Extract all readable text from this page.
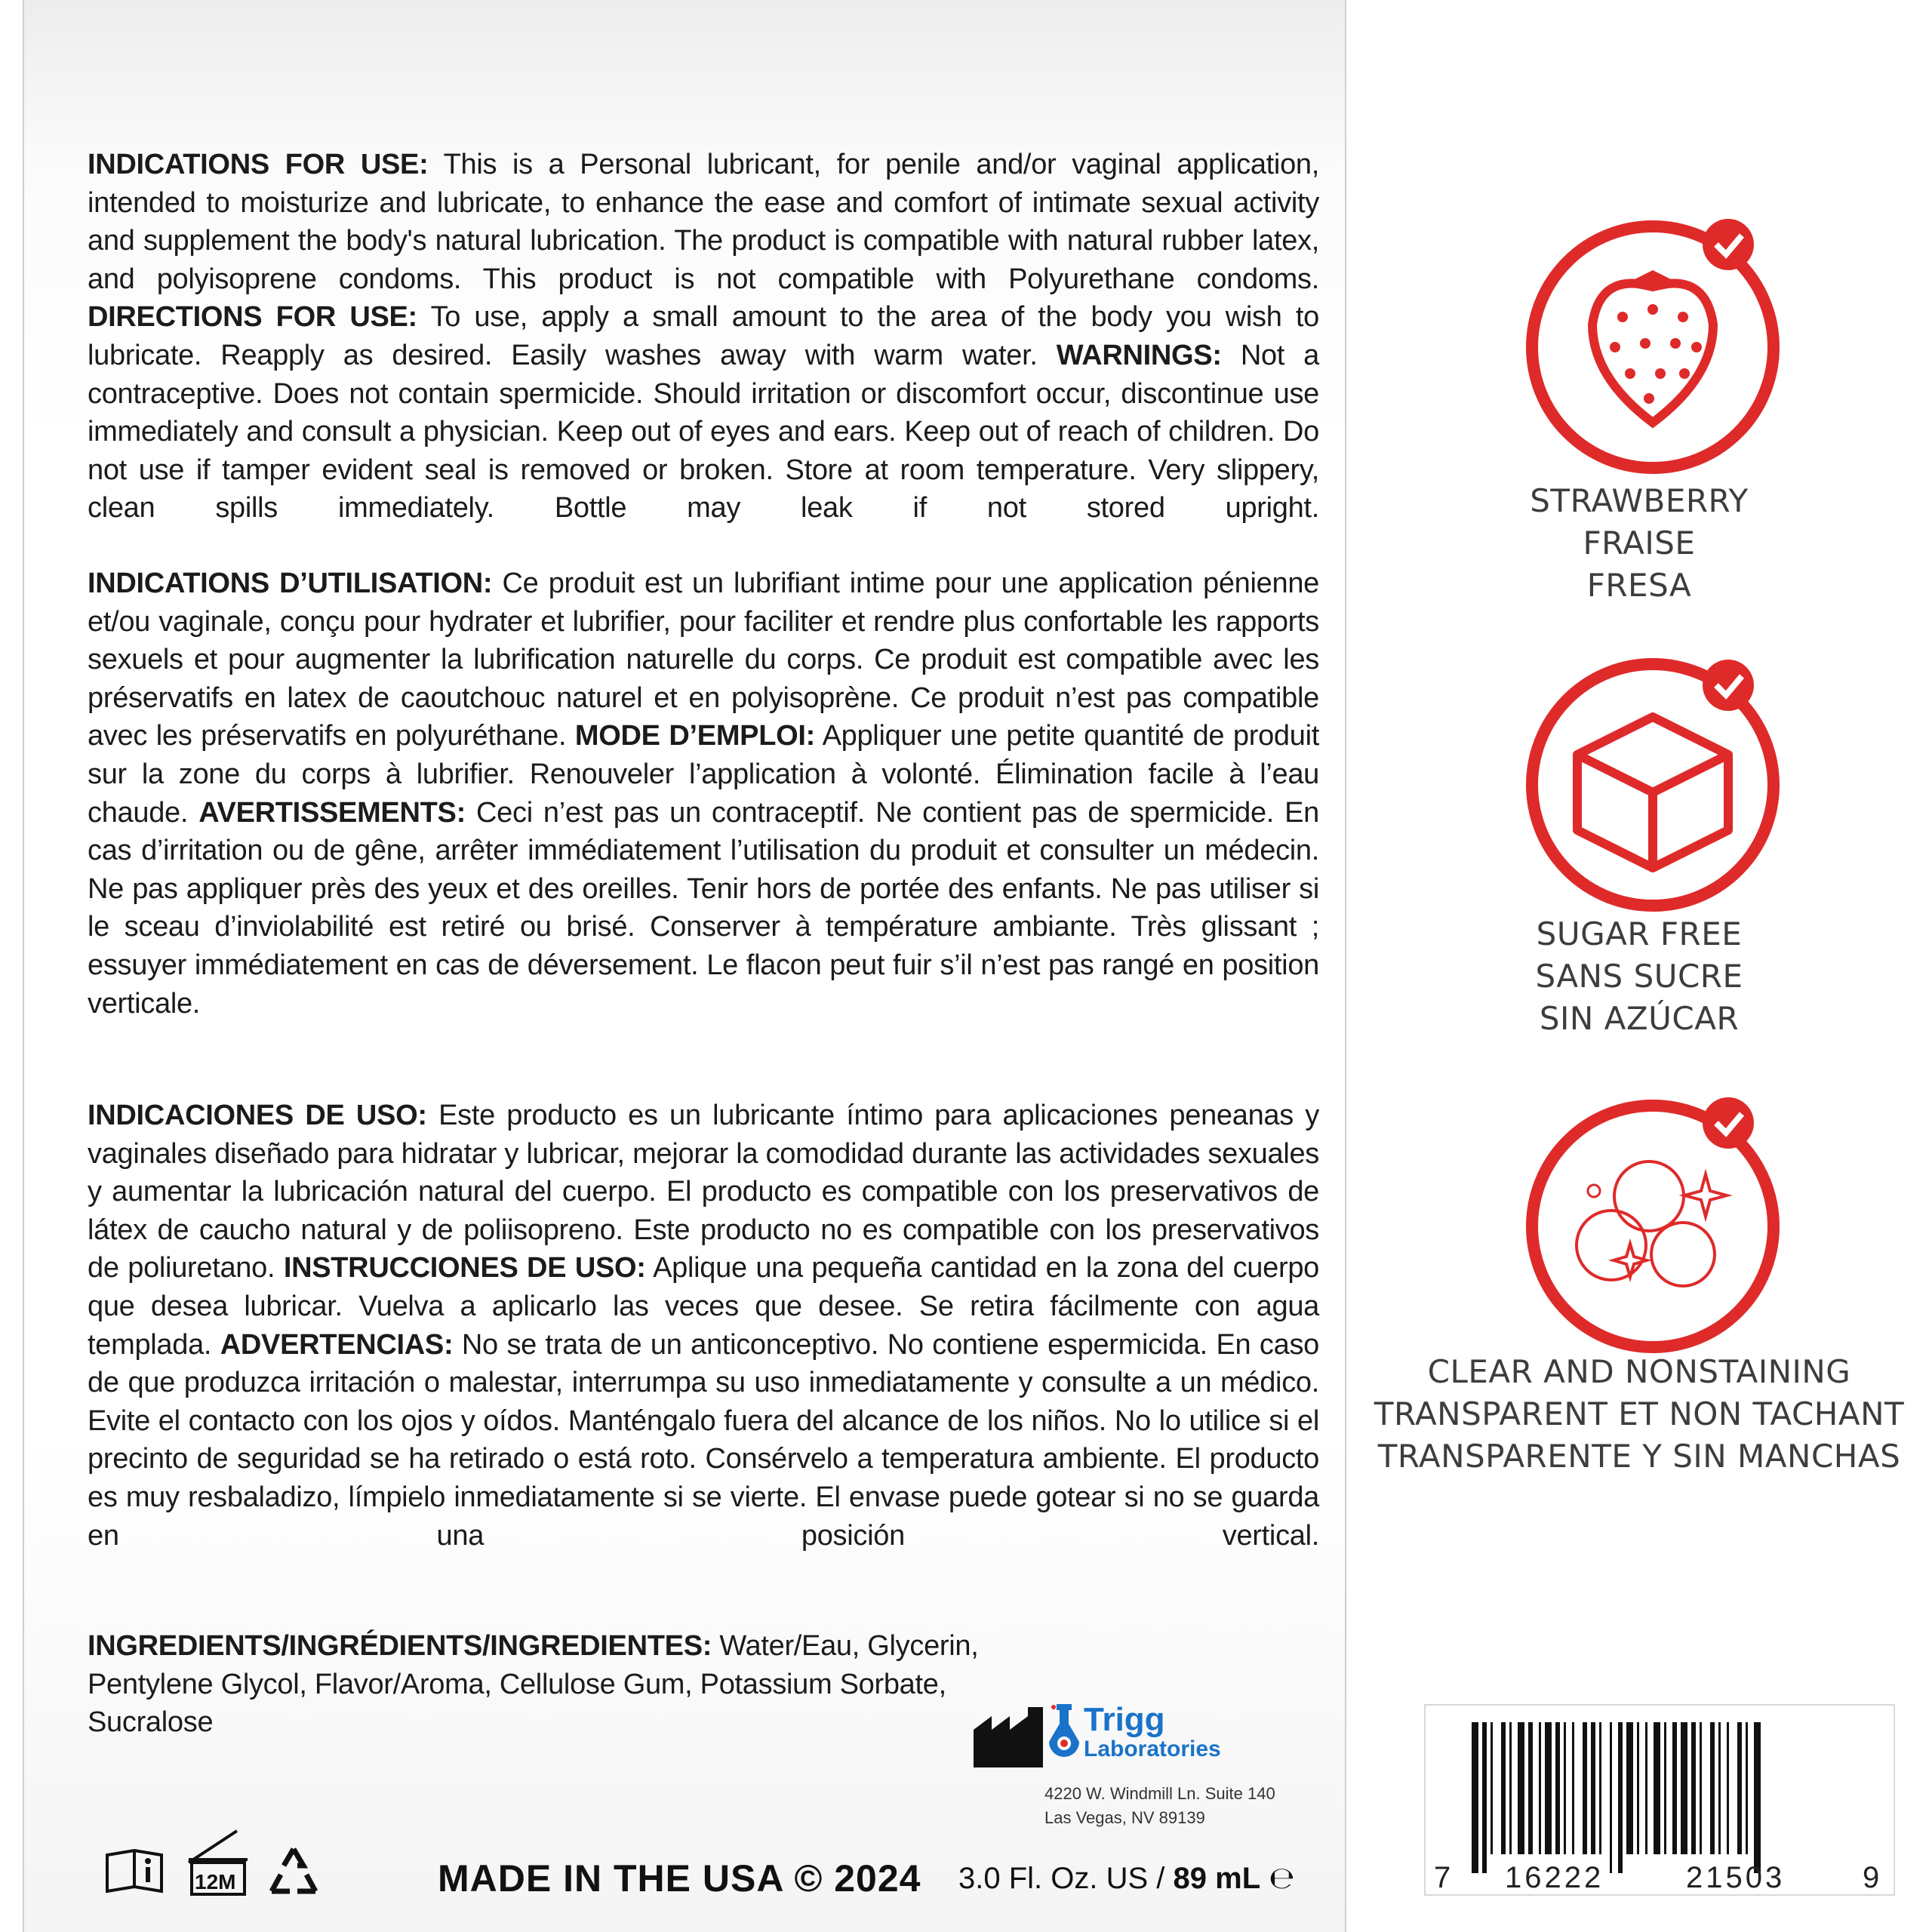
INDICATIONS FOR USE: This is a Personal lubricant, for penile and/or vaginal application, intended to moisturize and lubricate, to enhance the ease and comfort of intimate sexual activity and supplement the body's natural lubrication. The product is compatible with natural rubber latex, and polyisoprene condoms. This product is not compatible with Polyurethane condoms. DIRECTIONS FOR USE: To use, apply a small amount to the area of the body you wish to lubricate. Reapply as desired. Easily washes away with warm water. WARNINGS: Not a contraceptive. Does not contain spermicide. Should irritation or discomfort occur, discontinue use immediately and consult a physician. Keep out of eyes and ears. Keep out of reach of children. Do not use if tamper evident seal is removed or broken. Store at room temperature. Very slippery, clean spills immediately. Bottle may leak if not stored upright.

INDICATIONS D’UTILISATION: Ce produit est un lubrifiant intime pour une application pénienne et/ou vaginale, conçu pour hydrater et lubrifier, pour faciliter et rendre plus confortable les rapports sexuels et pour augmenter la lubrification naturelle du corps. Ce produit est compatible avec les préservatifs en latex de caoutchouc naturel et en polyisoprène. Ce produit n’est pas compatible avec les préservatifs en polyuréthane. MODE D’EMPLOI: Appliquer une petite quantité de produit sur la zone du corps à lubrifier. Renouveler l’application à volonté. Élimination facile à l’eau chaude. AVERTISSEMENTS: Ceci n’est pas un contraceptif. Ne contient pas de spermicide. En cas d’irritation ou de gêne, arrêter immédiatement l’utilisation du produit et consulter un médecin. Ne pas appliquer près des yeux et des oreilles. Tenir hors de portée des enfants. Ne pas utiliser si le sceau d’inviolabilité est retiré ou brisé. Conserver à température ambiante. Très glissant ; essuyer immédiatement en cas de déversement. Le flacon peut fuir s’il n’est pas rangé en position verticale.

INDICACIONES DE USO: Este producto es un lubricante íntimo para aplicaciones peneanas y vaginales diseñado para hidratar y lubricar, mejorar la comodidad durante las actividades sexuales y aumentar la lubricación natural del cuerpo. El producto es compatible con los preservativos de látex de caucho natural y de poliisopreno. Este producto no es compatible con los preservativos de poliuretano. INSTRUCCIONES DE USO: Aplique una pequeña cantidad en la zona del cuerpo que desea lubricar. Vuelva a aplicarlo las veces que desee. Se retira fácilmente con agua templada. ADVERTENCIAS: No se trata de un anticonceptivo. No contiene espermicida. En caso de que produzca irritación o malestar, interrumpa su uso inmediatamente y consulte a un médico. Evite el contacto con los ojos y oídos. Manténgalo fuera del alcance de los niños. No lo utilice si el precinto de seguridad se ha retirado o está roto. Consérvelo a temperatura ambiente. El producto es muy resbaladizo, límpielo inmediatamente si se vierte. El envase puede gotear si no se guarda en una posición vertical.

INGREDIENTS/INGRÉDIENTS/INGREDIENTES: Water/Eau, Glycerin, Pentylene Glycol, Flavor/Aroma, Cellulose Gum, Potassium Sorbate, Sucralose	Trigg
Laboratories
4220 W. Windmill Ln. Suite 140
Las Vegas, NV 89139
12M	MADE IN THE USA © 2024 3.0 Fl. Oz. US / 89 mL ℮
STRAWBERRY
FRAISE
FRESA
SUGAR FREE
SANS SUCRE
SIN AZÚCAR
CLEAR AND NONSTAINING
TRANSPARENT ET NON TACHANT
TRANSPARENTE Y SIN MANCHAS
7 16222	21503	9
